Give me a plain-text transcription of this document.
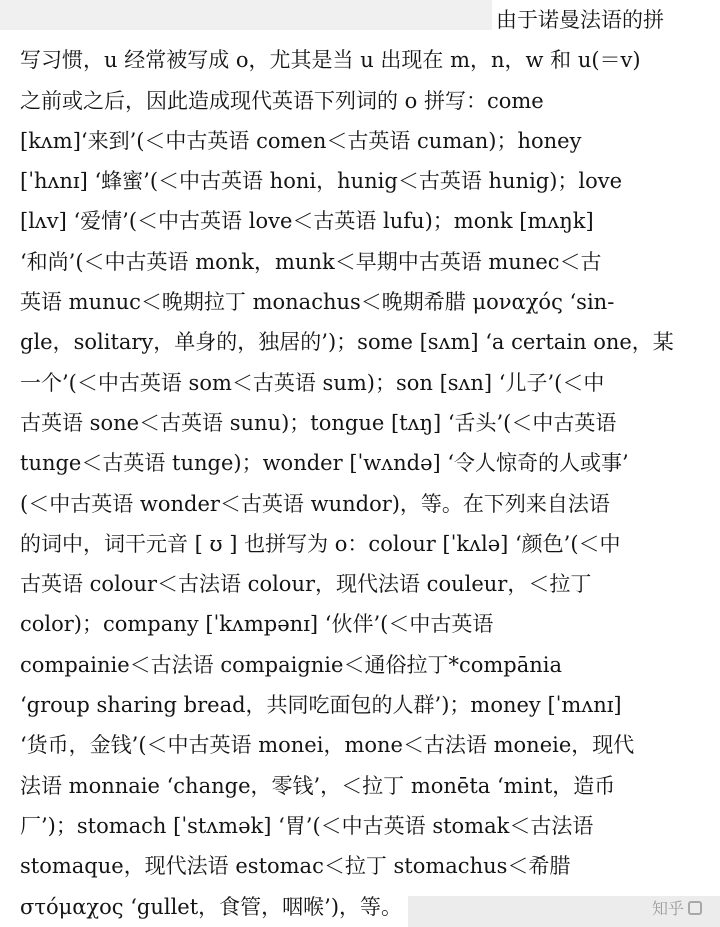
由于诺曼法语的拼
写习惯，u 经常被写成 o，尤其是当 u 出现在 m，n，w 和 u(＝v)
之前或之后，因此造成现代英语下列词的 o 拼写：come
[kʌm]‘来到’(＜中古英语 comen＜古英语 cuman)；honey
[ˈhʌnɪ] ‘蜂蜜’(＜中古英语 honi，hunig＜古英语 hunig)；love
[lʌv] ‘爱情’(＜中古英语 love＜古英语 lufu)；monk [mʌŋk]
‘和尚’(＜中古英语 monk，munk＜早期中古英语 munec＜古
英语 munuc＜晚期拉丁 monachus＜晚期希腊 μοναχός ‘sin-
gle，solitary，单身的，独居的’)；some [sʌm] ‘a certain one，某
一个’(＜中古英语 som＜古英语 sum)；son [sʌn] ‘儿子’(＜中
古英语 sone＜古英语 sunu)；tongue [tʌŋ] ‘舌头’(＜中古英语
tunge＜古英语 tunge)；wonder [ˈwʌndə] ‘令人惊奇的人或事’
(＜中古英语 wonder＜古英语 wundor)，等。在下列来自法语
的词中，词干元音 [ ʊ ] 也拼写为 o：colour [ˈkʌlə] ‘颜色’(＜中
古英语 colour＜古法语 colour，现代法语 couleur，＜拉丁
color)；company [ˈkʌmpənɪ] ‘伙伴’(＜中古英语
compainie＜古法语 compaignie＜通俗拉丁*compānia
‘group sharing bread，共同吃面包的人群’)；money [ˈmʌnɪ]
‘货币，金钱’(＜中古英语 monei，mone＜古法语 moneie，现代
法语 monnaie ‘change，零钱’，＜拉丁 monēta ‘mint，造币
厂’)；stomach [ˈstʌmək] ‘胃’(＜中古英语 stomak＜古法语
stomaque，现代法语 estomac＜拉丁 stomachus＜希腊
στόμαχος ‘gullet，食管，咽喉’)，等。	知乎
